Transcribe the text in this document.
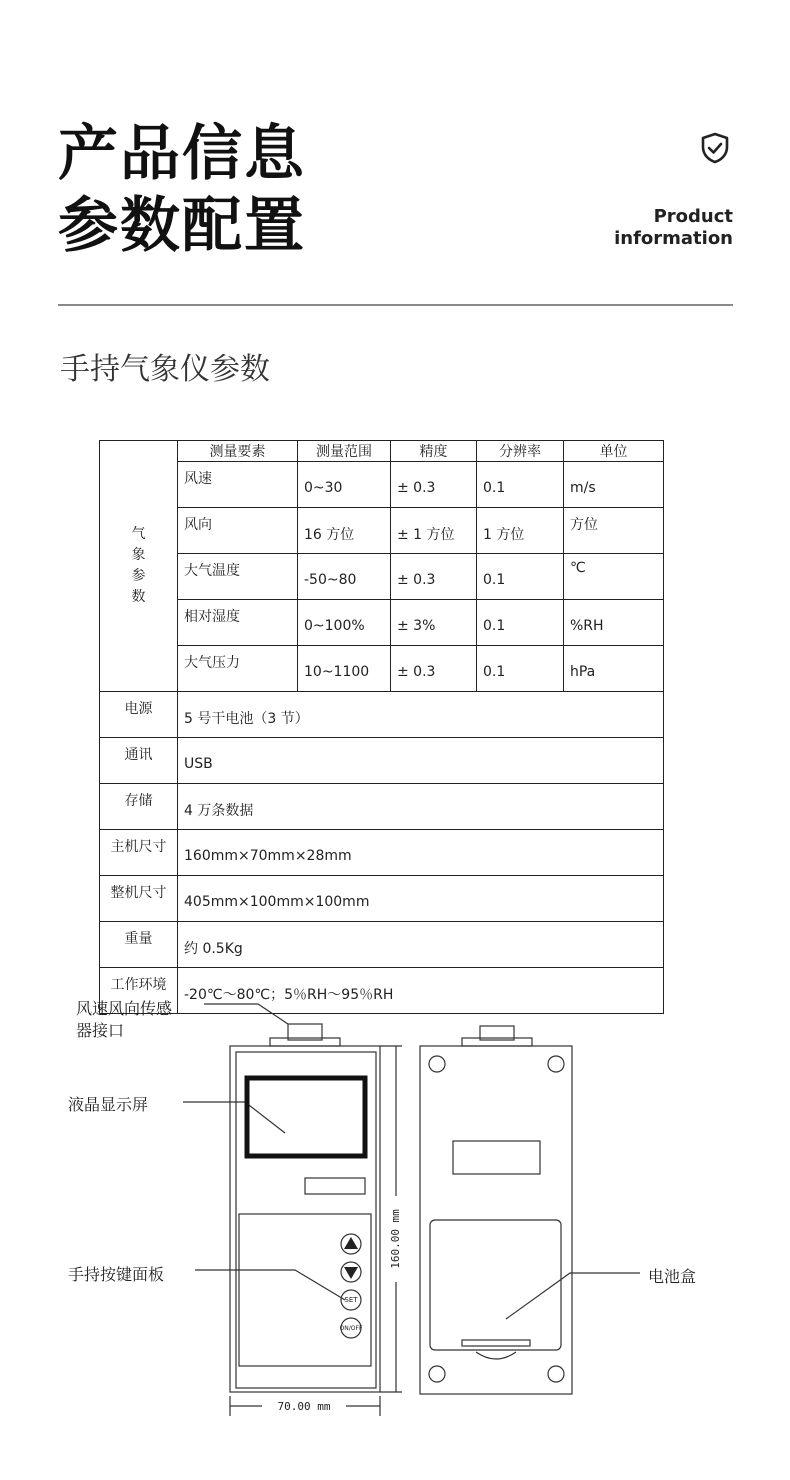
产品信息
参数配置	Product
information
手持气象仪参数
气
象
参
数	测量要素	测量范围	精度	分辨率	单位
	风速	0~30	± 0.3	0.1	m/s
	风向	16 方位	± 1 方位	1 方位	方位
	大气温度	-50~80	± 0.3	0.1	℃
	相对湿度	0~100%	± 3%	0.1	%RH
	大气压力	10~1100	± 0.3	0.1	hPa
电源	5 号干电池（3 节）				
通讯	USB				
存储	4 万条数据				
主机尺寸	160mm×70mm×28mm				
整机尺寸	405mm×100mm×100mm				
重量	约 0.5Kg				
工作环境	-20℃～80℃；5％RH～95％RH				
风速风向传感
器接口
液晶显示屏
手持按键面板	电池盒
SET
ON/OFF
160.00 mm
70.00 mm
